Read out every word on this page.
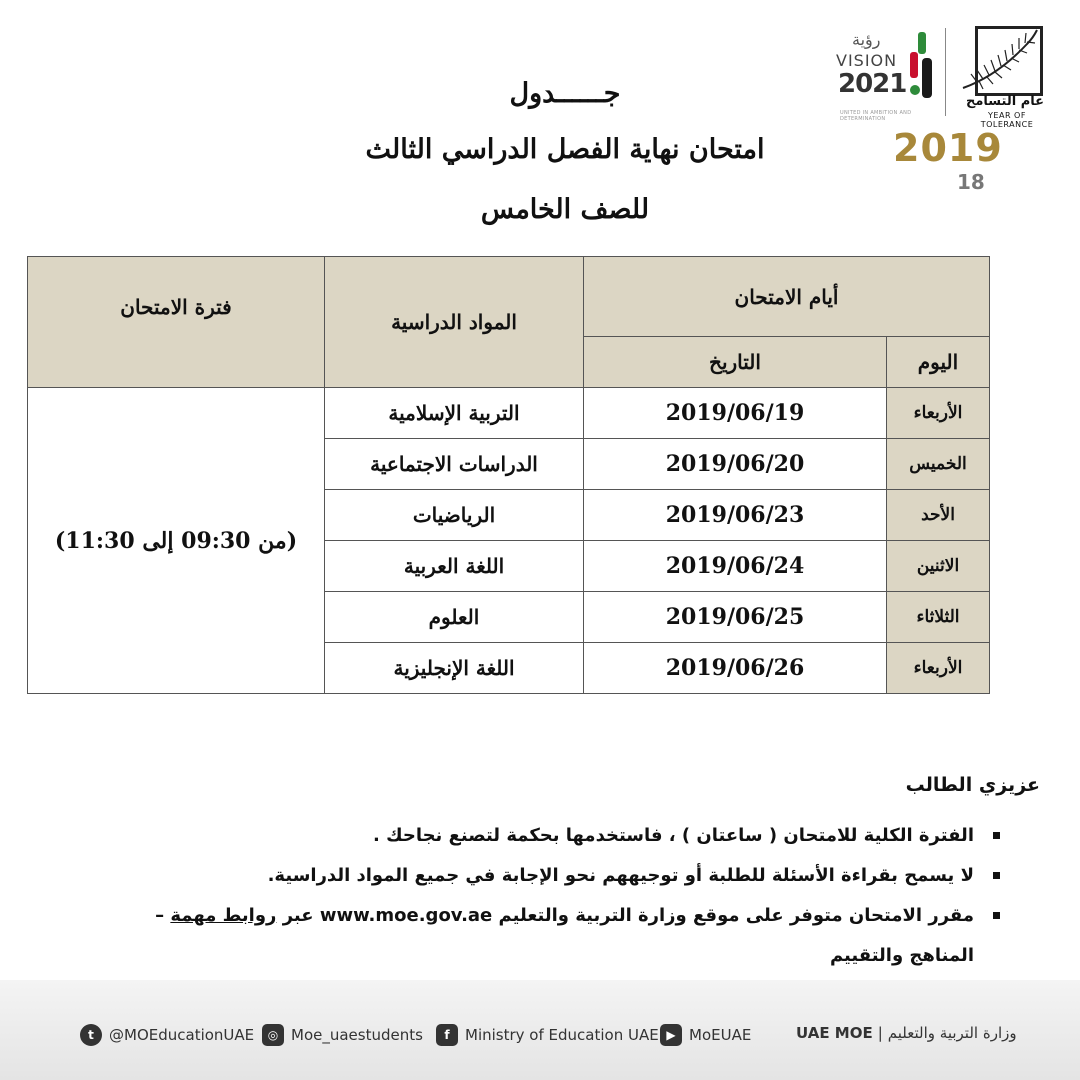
عام التسامح
YEAR OF TOLERANCE
رؤية
VISION
2021
UNITED IN AMBITION AND DETERMINATION
2019
18
جــــــدول
امتحان نهاية الفصل الدراسي الثالث
للصف الخامس
أيام الامتحان		المواد الدراسية	فترة الامتحان
اليوم	التاريخ		
الأربعاء	2019/06/19	التربية الإسلامية	(من 09:30 إلى 11:30)
الخميس	2019/06/20	الدراسات الاجتماعية	
الأحد	2019/06/23	الرياضيات	
الاثنين	2019/06/24	اللغة العربية	
الثلاثاء	2019/06/25	العلوم	
الأربعاء	2019/06/26	اللغة الإنجليزية	
عزيزي الطالب
الفترة الكلية للامتحان ( ساعتان ) ، فاستخدمها بحكمة لتصنع نجاحك .
لا يسمح بقراءة الأسئلة للطلبة أو توجيههم نحو الإجابة في جميع المواد الدراسية.
مقرر الامتحان متوفر على موقع وزارة التربية والتعليم www.moe.gov.ae عبر روابط مهمة – المناهج والتقييم
t	@MOEducationUAE	◎ Moe_uaestudents	f	Ministry of Education UAE ▶ MoEUAE	UAE MOE | وزارة التربية والتعليم
